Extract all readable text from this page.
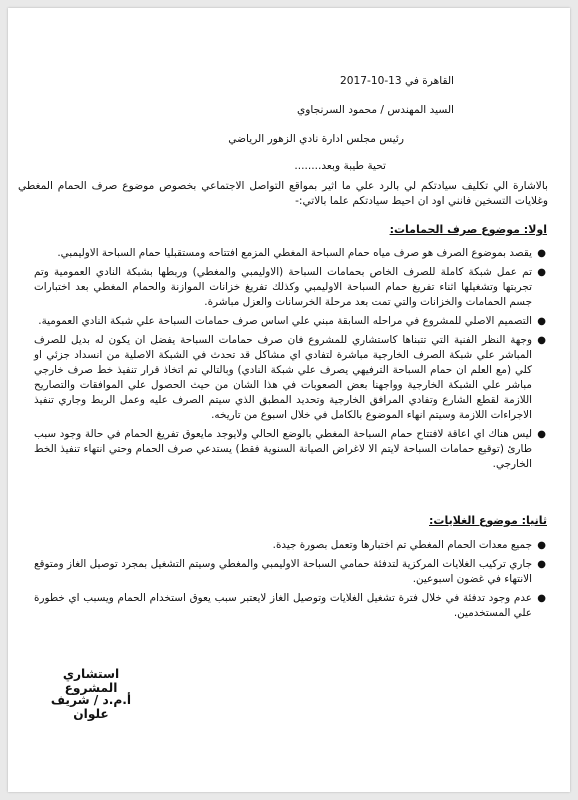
القاهرة في 13-10-2017
السيد المهندس / محمود السرنجاوي
رئيس مجلس ادارة نادي الزهور الرياضي
تحية طيبة وبعد........
بالاشارة الي تكليف سيادتكم لي بالرد علي ما اثير بمواقع التواصل الاجتماعي بخصوص موضوع صرف الحمام المغطي وغلايات التسخين فانني اود ان احيط سيادتكم علما بالاتي:-
اولا: موضوع صرف الحمامات:
●
يقصد بموضوع الصرف هو صرف مياه حمام السباحة المغطي المزمع افتتاحه ومستقبليا حمام السباحة الاوليمبي.
●
تم عمل شبكة كاملة للصرف الخاص بحمامات السباحة (الاوليمبي والمغطي) وربطها بشبكة النادي العمومية وتم تجربتها وتشغيلها اثناء تفريغ حمام السباحة الاوليمبي وكذلك تفريغ خزانات الموازنة والحمام المغطي بعد اختبارات جسم الحمامات والخزانات والتي تمت بعد مرحلة الخرسانات والعزل مباشرة.
●
التصميم الاصلي للمشروع في مراحله السابقة مبني علي اساس صرف حمامات السباحة علي شبكة النادي العمومية.
●
وجهة النظر الفنية التي تتبناها كاستشاري للمشروع فان صرف حمامات السباحة يفضل ان يكون له بديل للصرف المباشر علي شبكة الصرف الخارجية مباشرة لتفادي اي مشاكل قد تحدث في الشبكة الاصلية من انسداد جزئي او كلي (مع العلم ان حمام السباحة الترفيهي يصرف علي شبكة النادي) وبالتالي تم اتخاذ قرار تنفيذ خط صرف خارجي مباشر علي الشبكة الخارجية وواجهنا بعض الصعوبات في هذا الشان من حيث الحصول علي الموافقات والتصاريح اللازمة لقطع الشارع وتفادي المرافق الخارجية وتحديد المطبق الذي سيتم الصرف عليه وعمل الربط وجاري تنفيذ الاجراءات اللازمة وسيتم انهاء الموضوع بالكامل في خلال اسبوع من تاريخه.
●
ليس هناك اي اعاقة لافتتاح حمام السباحة المغطي بالوضع الحالي ولايوجد مايعوق تفريغ الحمام في حالة وجود سبب طارئ (توقيع حمامات السباحة لايتم الا لاغراض الصيانة السنوية فقط) يستدعي صرف الحمام وحتي انتهاء تنفيذ الخط الخارجي.
ثانيا: موضوع الغلايات:
●
جميع معدات الحمام المغطي تم اختبارها وتعمل بصورة جيدة.
●
جاري تركيب الغلايات المركزية لتدفئة حمامي السباحة الاوليمبي والمغطي وسيتم التشغيل بمجرد توصيل الغاز ومتوقع الانتهاء في غضون اسبوعين.
●
عدم وجود تدفئة في خلال فترة تشغيل الغلايات وتوصيل الغاز لايعتبر سبب يعوق استخدام الحمام ويسبب اي خطورة علي المستخدمين.
استشاري المشروع
أ.م.د / شريف علوان
